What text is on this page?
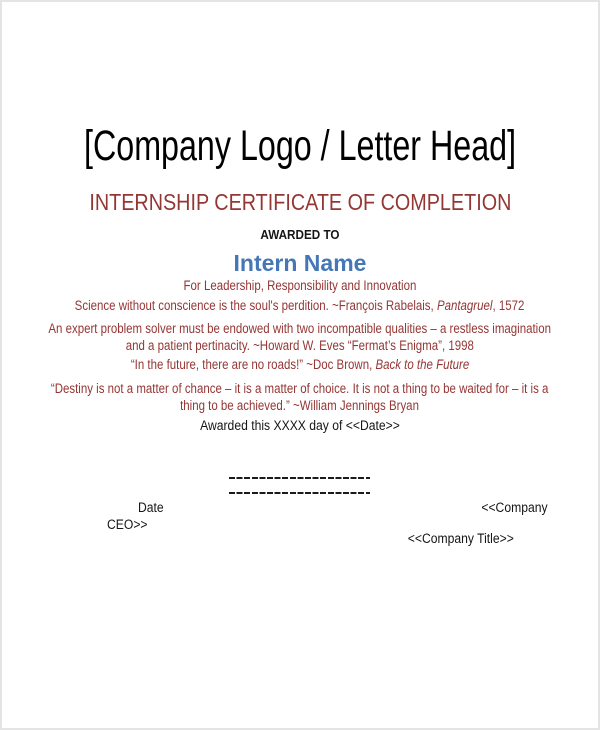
[Company Logo / Letter Head]
INTERNSHIP CERTIFICATE OF COMPLETION
AWARDED TO
Intern Name
For Leadership, Responsibility and Innovation
Science without conscience is the soul's perdition. ~François Rabelais, Pantagruel, 1572
An expert problem solver must be endowed with two incompatible qualities – a restless imagination
and a patient pertinacity. ~Howard W. Eves “Fermat’s Enigma”, 1998
“In the future, there are no roads!” ~Doc Brown, Back to the Future
“Destiny is not a matter of chance – it is a matter of choice. It is not a thing to be waited for – it is a
thing to be achieved.” ~William Jennings Bryan
Awarded this XXXX day of <<Date>>
Date	<<Company
CEO>>
<<Company Title>>
